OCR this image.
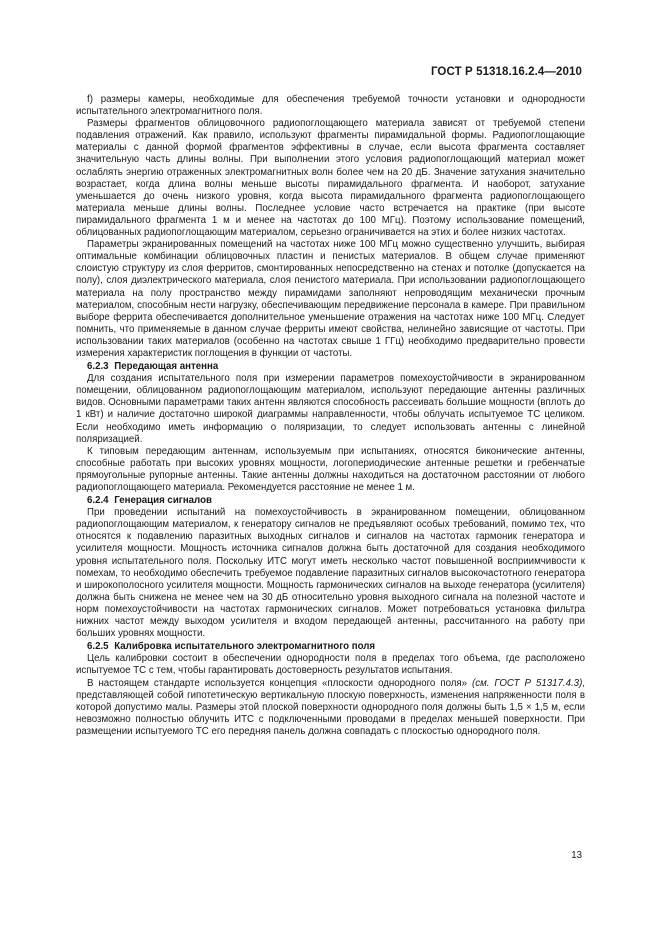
ГОСТ Р 51318.16.2.4—2010

f) размеры камеры, необходимые для обеспечения требуемой точности установки и однородности испытательного электромагнитного поля.

Размеры фрагментов облицовочного радиопоглощающего материала зависят от требуемой степени подавления отражений. Как правило, используют фрагменты пирамидальной формы. Радиопоглощающие материалы с данной формой фрагментов эффективны в случае, если высота фрагмента составляет значительную часть длины волны. При выполнении этого условия радиопоглощающий материал может ослаблять энергию отраженных электромагнитных волн более чем на 20 дБ. Значение затухания значительно возрастает, когда длина волны меньше высоты пирамидального фрагмента. И наоборот, затухание уменьшается до очень низкого уровня, когда высота пирамидального фрагмента радиопоглощающего материала меньше длины волны. Последнее условие часто встречается на практике (при высоте пирамидального фрагмента 1 м и менее на частотах до 100 МГц). Поэтому использование помещений, облицованных радиопоглощающим материалом, серьезно ограничивается на этих и более низких частотах.

Параметры экранированных помещений на частотах ниже 100 МГц можно существенно улучшить, выбирая оптимальные комбинации облицовочных пластин и пенистых материалов. В общем случае применяют слоистую структуру из слоя ферритов, смонтированных непосредственно на стенах и потолке (допускается на полу), слоя диэлектрического материала, слоя пенистого материала. При использовании радиопоглощающего материала на полу пространство между пирамидами заполняют непроводящим механически прочным материалом, способным нести нагрузку, обеспечивающим передвижение персонала в камере. При правильном выборе феррита обеспечивается дополнительное уменьшение отражения на частотах ниже 100 МГц. Следует помнить, что применяемые в данном случае ферриты имеют свойства, нелинейно зависящие от частоты. При использовании таких материалов (особенно на частотах свыше 1 ГГц) необходимо предварительно провести измерения характеристик поглощения в функции от частоты.

6.2.3 Передающая антенна

Для создания испытательного поля при измерении параметров помехоустойчивости в экранированном помещении, облицованном радиопоглощающим материалом, используют передающие антенны различных видов. Основными параметрами таких антенн являются способность рассеивать большие мощности (вплоть до 1 кВт) и наличие достаточно широкой диаграммы направленности, чтобы облучать испытуемое ТС целиком. Если необходимо иметь информацию о поляризации, то следует использовать антенны с линейной поляризацией.

К типовым передающим антеннам, используемым при испытаниях, относятся биконические антенны, способные работать при высоких уровнях мощности, логопериодические антенные решетки и гребенчатые прямоугольные рупорные антенны. Такие антенны должны находиться на достаточном расстоянии от любого радиопоглощающего материала. Рекомендуется расстояние не менее 1 м.

6.2.4 Генерация сигналов

При проведении испытаний на помехоустойчивость в экранированном помещении, облицованном радиопоглощающим материалом, к генератору сигналов не предъявляют особых требований, помимо тех, что относятся к подавлению паразитных выходных сигналов и сигналов на частотах гармоник генератора и усилителя мощности. Мощность источника сигналов должна быть достаточной для создания необходимого уровня испытательного поля. Поскольку ИТС могут иметь несколько частот повышенной восприимчивости к помехам, то необходимо обеспечить требуемое подавление паразитных сигналов высокочастотного генератора и широкополосного усилителя мощности. Мощность гармонических сигналов на выходе генератора (усилителя) должна быть снижена не менее чем на 30 дБ относительно уровня выходного сигнала на полезной частоте и норм помехоустойчивости на частотах гармонических сигналов. Может потребоваться установка фильтра нижних частот между выходом усилителя и входом передающей антенны, рассчитанного на работу при больших уровнях мощности.

6.2.5 Калибровка испытательного электромагнитного поля

Цель калибровки состоит в обеспечении однородности поля в пределах того объема, где расположено испытуемое ТС с тем, чтобы гарантировать достоверность результатов испытания.

В настоящем стандарте используется концепция «плоскости однородного поля» (см. ГОСТ Р 51317.4.3), представляющей собой гипотетическую вертикальную плоскую поверхность, изменения напряженности поля в которой допустимо малы. Размеры этой плоской поверхности однородного поля должны быть 1,5 × 1,5 м, если невозможно полностью облучить ИТС с подключенными проводами в пределах меньшей поверхности. При размещении испытуемого ТС его передняя панель должна совпадать с плоскостью однородного поля.

13
